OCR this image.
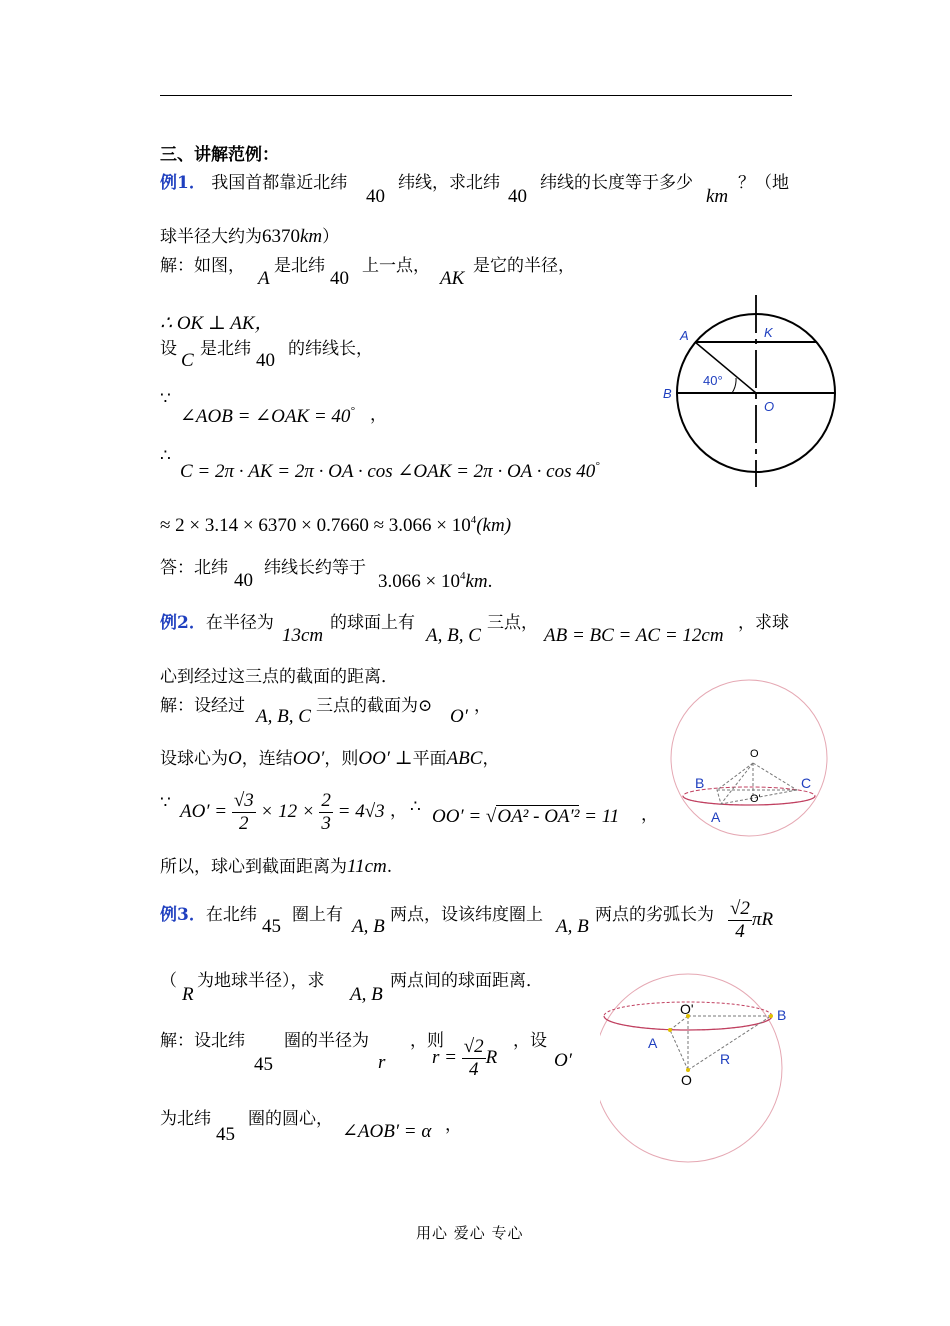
三、讲解范例：
例1． 我国首都靠近北纬
40
纬线，求北纬
40
纬线的长度等于多少
km
？（地
球半径大约为6370km）
解：如图，
A
是北纬
40
上一点，
AK
是它的半径，
∴ OK ⊥ AK，
设
C
是北纬
40
的纬线长，
∵
∠AOB = ∠OAK = 40° ，
∴
C = 2π · AK = 2π · OA · cos ∠OAK = 2π · OA · cos 40°
≈ $2 \times 3.14 \times 6370 \times 0.7660 \approx 3.066 \times 10^4(km)$
答：北纬
40
纬线长约等于
$3.066 \times 10^4km$.
A	K
B
O
40°
例2．在半径为
13cm
的球面上有
A, B, C
三点，
AB = BC = AC = 12cm
，求球
心到经过这三点的截面的距离．
解：设经过 A, B, C 三点的截面为⊙ O′ ，
设球心为O，连结OO′，则OO′ ⊥平面ABC，
∵ $AO' = \frac{√3}{2} \times 12 \times \frac{2}{3} = 4√3$ ， ∴ OO′ = √OA² - OA′² = 11 ，
所以，球心到截面距离为11cm.
O
B	C
O'
A
例3．在北纬
45
圈上有
A, B
两点，设该纬度圈上
A, B
两点的劣弧长为 $\frac{√2}{4}$ πR
（
R
为地球半径），求
A, B
两点间的球面距离．
解：设北纬
45
圈的半径为
r
，则
$r = \frac{√2}{4}$ R
，设
O′
为北纬
45
圈的圆心，
∠AOB′ = α ，
O'	B
A
R
O
用心 爱心 专心
